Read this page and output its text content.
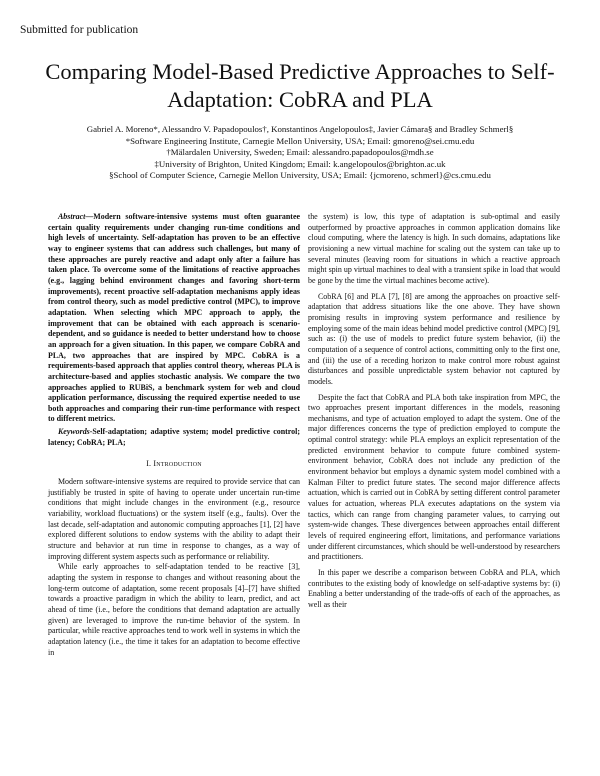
Submitted for publication
Comparing Model-Based Predictive Approaches to Self-Adaptation: CobRA and PLA
Gabriel A. Moreno*, Alessandro V. Papadopoulos†, Konstantinos Angelopoulos‡, Javier Cámara§ and Bradley Schmerl§
*Software Engineering Institute, Carnegie Mellon University, USA; Email: gmoreno@sei.cmu.edu
†Mälardalen University, Sweden; Email: alessandro.papadopoulos@mdh.se
‡University of Brighton, United Kingdom; Email: k.angelopoulos@brighton.ac.uk
§School of Computer Science, Carnegie Mellon University, USA; Email: {jcmoreno, schmerl}@cs.cmu.edu

Abstract—Modern software-intensive systems must often guarantee certain quality requirements under changing run-time conditions and high levels of uncertainty. Self-adaptation has proven to be an effective way to engineer systems that can address such challenges, but many of these approaches are purely reactive and adapt only after a failure has taken place. To overcome some of the limitations of reactive approaches (e.g., lagging behind environment changes and favoring short-term improvements), recent proactive self-adaptation mechanisms apply ideas from control theory, such as model predictive control (MPC), to improve adaptation. When selecting which MPC approach to apply, the improvement that can be obtained with each approach is scenario-dependent, and so guidance is needed to better understand how to choose an approach for a given situation. In this paper, we compare CobRA and PLA, two approaches that are inspired by MPC. CobRA is a requirements-based approach that applies control theory, whereas PLA is architecture-based and applies stochastic analysis. We compare the two approaches applied to RUBiS, a benchmark system for web and cloud application performance, discussing the required expertise needed to use both approaches and comparing their run-time performance with respect to different metrics.

Keywords-Self-adaptation; adaptive system; model predictive control; latency; CobRA; PLA;

I. Introduction

Modern software-intensive systems are required to provide service that can justifiably be trusted in spite of having to operate under uncertain run-time conditions that might include changes in the environment (e.g., resource variability, workload fluctuations) or the system itself (e.g., faults). Over the last decade, self-adaptation and autonomic computing approaches [1], [2] have explored different solutions to endow systems with the ability to adapt their structure and behavior at run time in response to changes, as a way of improving different system aspects such as performance or reliability.

While early approaches to self-adaptation tended to be reactive [3], adapting the system in response to changes and without reasoning about the long-term outcome of adaptation, some recent proposals [4]–[7] have shifted towards a proactive paradigm in which the ability to learn, predict, and act ahead of time (i.e., before the conditions that demand adaptation are actually given) are leveraged to improve the run-time behavior of the system. In particular, while reactive approaches tend to work well in systems in which the adaptation latency (i.e., the time it takes for an adaptation to become effective in

the system) is low, this type of adaptation is sub-optimal and easily outperformed by proactive approaches in common application domains like cloud computing, where the latency is high. In such domains, adaptations like provisioning a new virtual machine for scaling out the system can take up to several minutes (leaving room for situations in which a reactive approach might spin up virtual machines to deal with a transient spike in load that would be gone by the time the virtual machines become active).

CobRA [6] and PLA [7], [8] are among the approaches on proactive self-adaptation that address situations like the one above. They have shown promising results in improving system performance and resilience by employing some of the main ideas behind model predictive control (MPC) [9], such as: (i) the use of models to predict future system behavior, (ii) the computation of a sequence of control actions, committing only to the first one, and (iii) the use of a receding horizon to make control more robust against disturbances and possible unpredictable system behavior not captured by models.

Despite the fact that CobRA and PLA both take inspiration from MPC, the two approaches present important differences in the models, reasoning mechanisms, and type of actuation employed to adapt the system. One of the major differences concerns the type of prediction employed to compute the optimal control strategy: while PLA employs an explicit representation of the predicted environment behavior to compute future combined system-environment behavior, CobRA does not include any prediction of the environment behavior but employs a dynamic system model combined with a Kalman Filter to predict future states. The second major difference affects actuation, which is carried out in CobRA by setting different control parameter values for actuation, whereas PLA executes adaptations on the system via tactics, which can range from changing parameter values, to carrying out system-wide changes. These divergences between approaches entail different levels of required engineering effort, limitations, and performance variations under different circumstances, which should be well-understood by researchers and practitioners.

In this paper we describe a comparison between CobRA and PLA, which contributes to the existing body of knowledge on self-adaptive systems by: (i) Enabling a better understanding of the trade-offs of each of the approaches, as well as their
